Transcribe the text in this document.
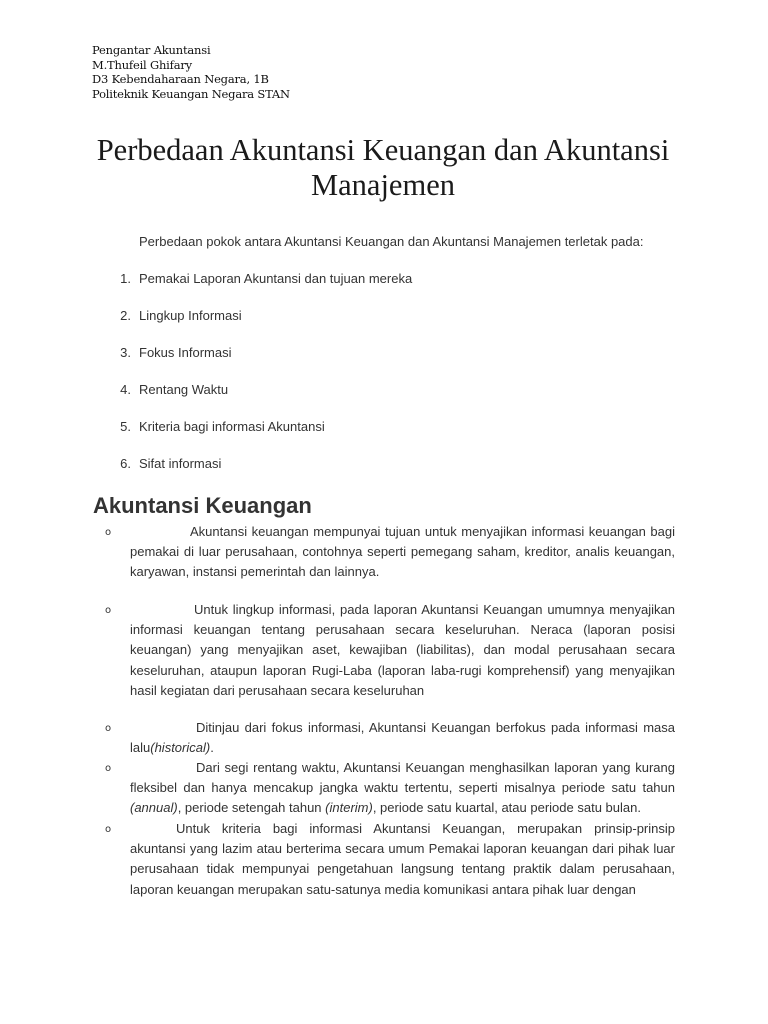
Pengantar Akuntansi
M.Thufeil Ghifary
D3 Kebendaharaan Negara, 1B
Politeknik Keuangan Negara STAN
Perbedaan Akuntansi Keuangan dan Akuntansi
Manajemen
Perbedaan pokok antara Akuntansi Keuangan dan Akuntansi Manajemen terletak pada:
1. Pemakai Laporan Akuntansi dan tujuan mereka
2. Lingkup Informasi
3. Fokus Informasi
4. Rentang Waktu
5. Kriteria bagi informasi Akuntansi
6. Sifat informasi
Akuntansi Keuangan
o	Akuntansi keuangan mempunyai tujuan untuk menyajikan informasi keuangan bagi pemakai di luar perusahaan, contohnya seperti pemegang saham, kreditor, analis keuangan, karyawan, instansi pemerintah dan lainnya.
o	Untuk lingkup informasi, pada laporan Akuntansi Keuangan umumnya menyajikan informasi keuangan tentang perusahaan secara keseluruhan. Neraca (laporan posisi keuangan) yang menyajikan aset, kewajiban (liabilitas), dan modal perusahaan secara keseluruhan, ataupun laporan Rugi-Laba (laporan laba-rugi komprehensif) yang menyajikan hasil kegiatan dari perusahaan secara keseluruhan
o	Ditinjau dari fokus informasi, Akuntansi Keuangan berfokus pada informasi masa lalu(historical).
o	Dari segi rentang waktu, Akuntansi Keuangan menghasilkan laporan yang kurang fleksibel dan hanya mencakup jangka waktu tertentu, seperti misalnya periode satu tahun (annual), periode setengah tahun (interim), periode satu kuartal, atau periode satu bulan.
o	Untuk kriteria bagi informasi Akuntansi Keuangan, merupakan prinsip-prinsip akuntansi yang lazim atau berterima secara umum Pemakai laporan keuangan dari pihak luar perusahaan tidak mempunyai pengetahuan langsung tentang praktik dalam perusahaan, laporan keuangan merupakan satu-satunya media komunikasi antara pihak luar dengan
